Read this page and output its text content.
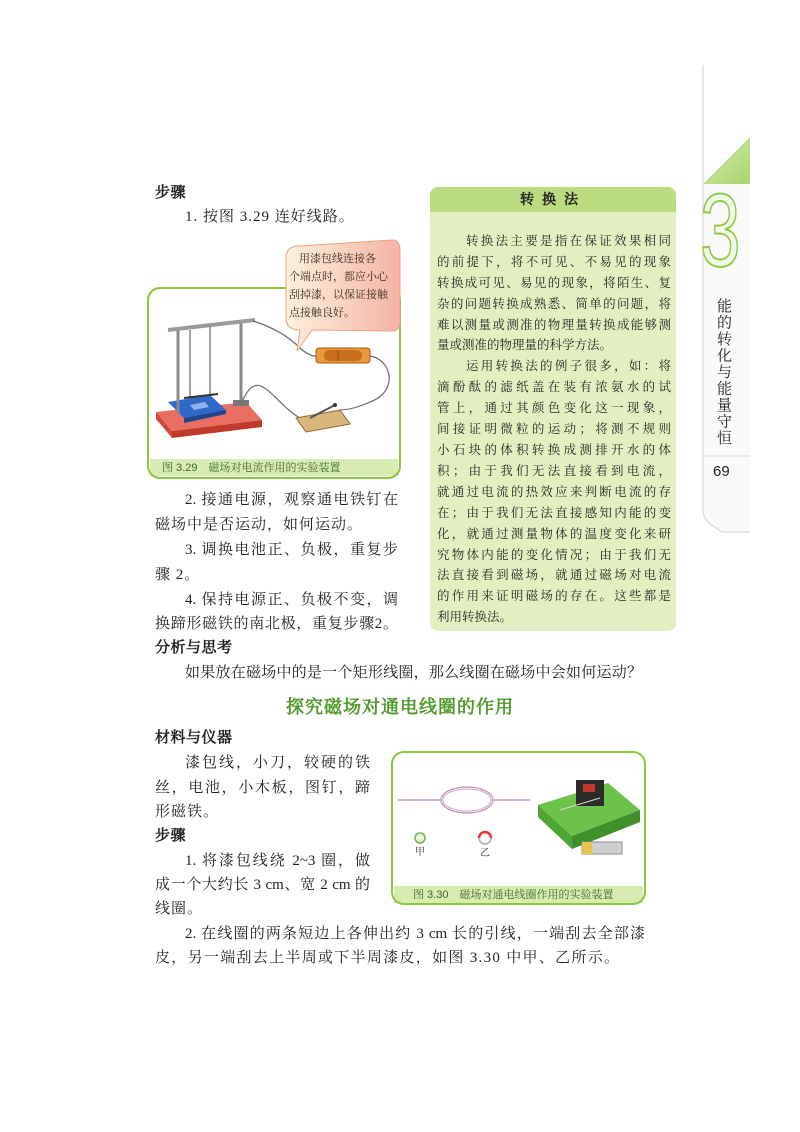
3
能的转化与能量守恒
69
步骤
1. 按图 3.29 连好线路。
2. 接通电源，观察通电铁钉在
磁场中是否运动，如何运动。
3. 调换电池正、负极，重复步
骤 2。
4. 保持电源正、负极不变，调
换蹄形磁铁的南北极，重复步骤2。
分析与思考
如果放在磁场中的是一个矩形线圈，那么线圈在磁场中会如何运动？
用漆包线连接各
个端点时，都应小心
刮掉漆，以保证接触
点接触良好。
图 3.29　磁场对电流作用的实验装置
转换法
转换法主要是指在保证效果相同
的前提下，将不可见、不易见的现象
转换成可见、易见的现象，将陌生、复
杂的问题转换成熟悉、简单的问题，将
难以测量或测准的物理量转换成能够测
量或测准的物理量的科学方法。
运用转换法的例子很多，如：将
滴酚酞的滤纸盖在装有浓氨水的试
管上，通过其颜色变化这一现象，
间接证明微粒的运动；将测不规则
小石块的体积转换成测排开水的体
积；由于我们无法直接看到电流，
就通过电流的热效应来判断电流的存
在；由于我们无法直接感知内能的变
化，就通过测量物体的温度变化来研
究物体内能的变化情况；由于我们无
法直接看到磁场，就通过磁场对电流
的作用来证明磁场的存在。这些都是
利用转换法。
探究磁场对通电线圈的作用
材料与仪器
漆包线，小刀，较硬的铁
丝，电池，小木板，图钉，蹄
形磁铁。
步骤
1. 将漆包线绕 2~3 圈，做
成一个大约长 3 cm、宽 2 cm 的
线圈。
2. 在线圈的两条短边上各伸出约 3 cm 长的引线，一端刮去全部漆
皮，另一端刮去上半周或下半周漆皮，如图 3.30 中甲、乙所示。
甲	乙
图 3.30　磁场对通电线圈作用的实验装置
